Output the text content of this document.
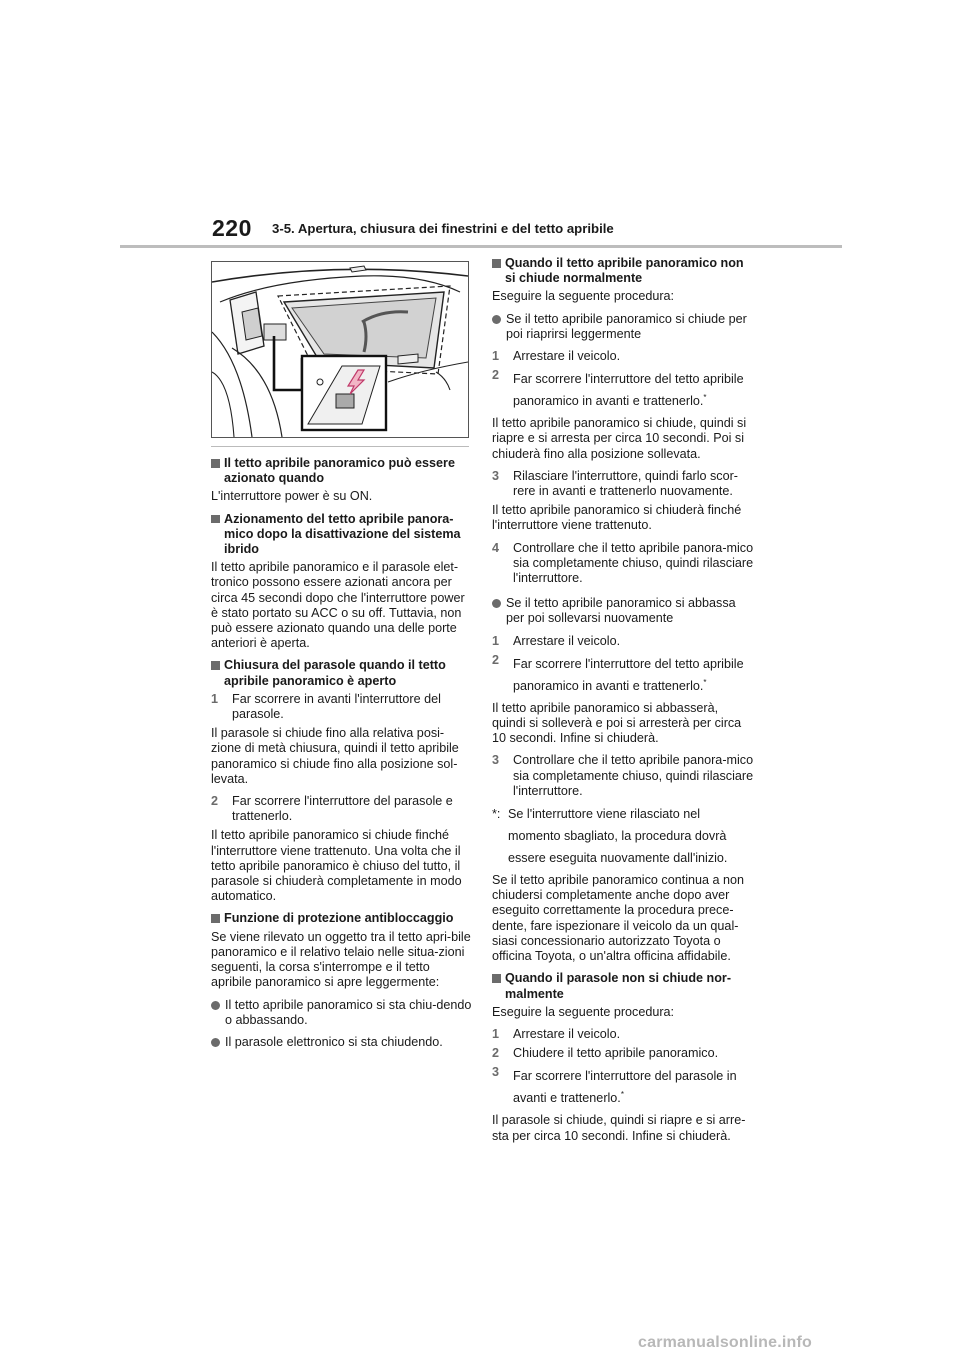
220 3-5. Apertura, chiusura dei finestrini e del tetto apribile
Il tetto apribile panoramico può essere azionato quando
L'interruttore power è su ON.
Azionamento del tetto apribile panora-mico dopo la disattivazione del sistema ibrido
Il tetto apribile panoramico e il parasole elet-tronico possono essere azionati ancora per circa 45 secondi dopo che l'interruttore power è stato portato su ACC o su off. Tuttavia, non può essere azionato quando una delle porte anteriori è aperta.
Chiusura del parasole quando il tetto apribile panoramico è aperto
1 Far scorrere in avanti l'interruttore del parasole.
Il parasole si chiude fino alla relativa posi-zione di metà chiusura, quindi il tetto apribile panoramico si chiude fino alla posizione sol-levata.
2 Far scorrere l'interruttore del parasole e trattenerlo.
Il tetto apribile panoramico si chiude finché l'interruttore viene trattenuto. Una volta che il tetto apribile panoramico è chiuso del tutto, il parasole si chiuderà completamente in modo automatico.
Funzione di protezione antibloccaggio
Se viene rilevato un oggetto tra il tetto apri-bile panoramico e il relativo telaio nelle situa-zioni seguenti, la corsa s'interrompe e il tetto apribile panoramico si apre leggermente:
Il tetto apribile panoramico si sta chiu-dendo o abbassando.
Il parasole elettronico si sta chiudendo.
Quando il tetto apribile panoramico non si chiude normalmente
Eseguire la seguente procedura:
Se il tetto apribile panoramico si chiude per poi riaprirsi leggermente
1 Arrestare il veicolo.
2 Far scorrere l'interruttore del tetto apribile panoramico in avanti e trattenerlo.*
Il tetto apribile panoramico si chiude, quindi si riapre e si arresta per circa 10 secondi. Poi si chiuderà fino alla posizione sollevata.
3 Rilasciare l'interruttore, quindi farlo scor-rere in avanti e trattenerlo nuovamente.
Il tetto apribile panoramico si chiuderà finché l'interruttore viene trattenuto.
4 Controllare che il tetto apribile panora-mico sia completamente chiuso, quindi rilasciare l'interruttore.
Se il tetto apribile panoramico si abbassa per poi sollevarsi nuovamente
1 Arrestare il veicolo.
2 Far scorrere l'interruttore del tetto apribile panoramico in avanti e trattenerlo.*
Il tetto apribile panoramico si abbasserà, quindi si solleverà e poi si arresterà per circa 10 secondi. Infine si chiuderà.
3 Controllare che il tetto apribile panora-mico sia completamente chiuso, quindi rilasciare l'interruttore.
*: Se l'interruttore viene rilasciato nel momento sbagliato, la procedura dovrà essere eseguita nuovamente dall'inizio.
Se il tetto apribile panoramico continua a non chiudersi completamente anche dopo aver eseguito correttamente la procedura prece-dente, fare ispezionare il veicolo da un qual-siasi concessionario autorizzato Toyota o officina Toyota, o un'altra officina affidabile.
Quando il parasole non si chiude nor-malmente
Eseguire la seguente procedura:
1 Arrestare il veicolo.
2 Chiudere il tetto apribile panoramico.
3 Far scorrere l'interruttore del parasole in avanti e trattenerlo.*
Il parasole si chiude, quindi si riapre e si arre-sta per circa 10 secondi. Infine si chiuderà.
carmanualsonline.info
